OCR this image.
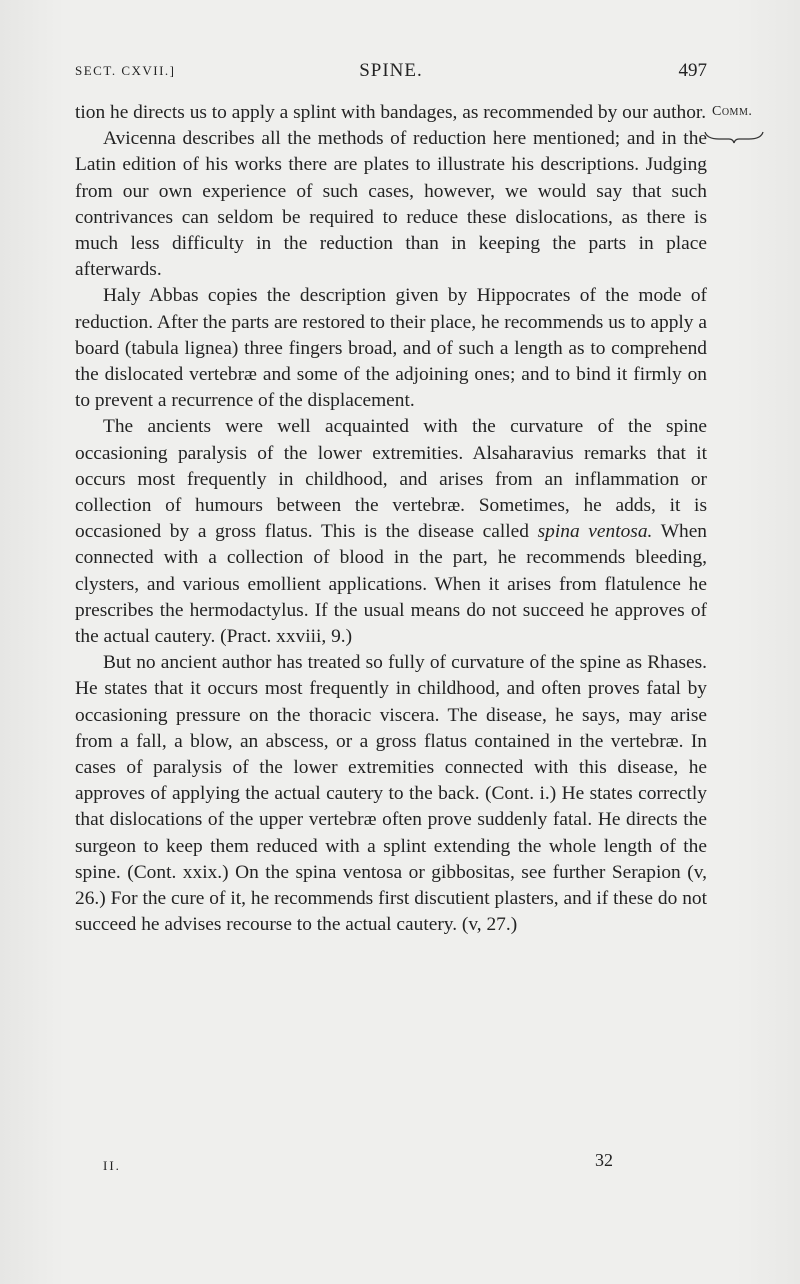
SECT. CXVII.]	SPINE.	497
Comm.

tion he directs us to apply a splint with bandages, as recommended by our author.

Avicenna describes all the methods of reduction here mentioned; and in the Latin edition of his works there are plates to illustrate his descriptions. Judging from our own experience of such cases, however, we would say that such contrivances can seldom be required to reduce these dislocations, as there is much less difficulty in the reduction than in keeping the parts in place afterwards.

Haly Abbas copies the description given by Hippocrates of the mode of reduction. After the parts are restored to their place, he recommends us to apply a board (tabula lignea) three fingers broad, and of such a length as to comprehend the dislocated vertebræ and some of the adjoining ones; and to bind it firmly on to prevent a recurrence of the displacement.

The ancients were well acquainted with the curvature of the spine occasioning paralysis of the lower extremities. Alsaharavius remarks that it occurs most frequently in childhood, and arises from an inflammation or collection of humours between the vertebræ. Sometimes, he adds, it is occasioned by a gross flatus. This is the disease called spina ventosa. When connected with a collection of blood in the part, he recommends bleeding, clysters, and various emollient applications. When it arises from flatulence he prescribes the hermodactylus. If the usual means do not succeed he approves of the actual cautery. (Pract. xxviii, 9.)

But no ancient author has treated so fully of curvature of the spine as Rhases. He states that it occurs most frequently in childhood, and often proves fatal by occasioning pressure on the thoracic viscera. The disease, he says, may arise from a fall, a blow, an abscess, or a gross flatus contained in the vertebræ. In cases of paralysis of the lower extremities connected with this disease, he approves of applying the actual cautery to the back. (Cont. i.) He states correctly that dislocations of the upper vertebræ often prove suddenly fatal. He directs the surgeon to keep them reduced with a splint extending the whole length of the spine. (Cont. xxix.) On the spina ventosa or gibbositas, see further Serapion (v, 26.) For the cure of it, he recommends first discutient plasters, and if these do not succeed he advises recourse to the actual cautery. (v, 27.)

II.	32
